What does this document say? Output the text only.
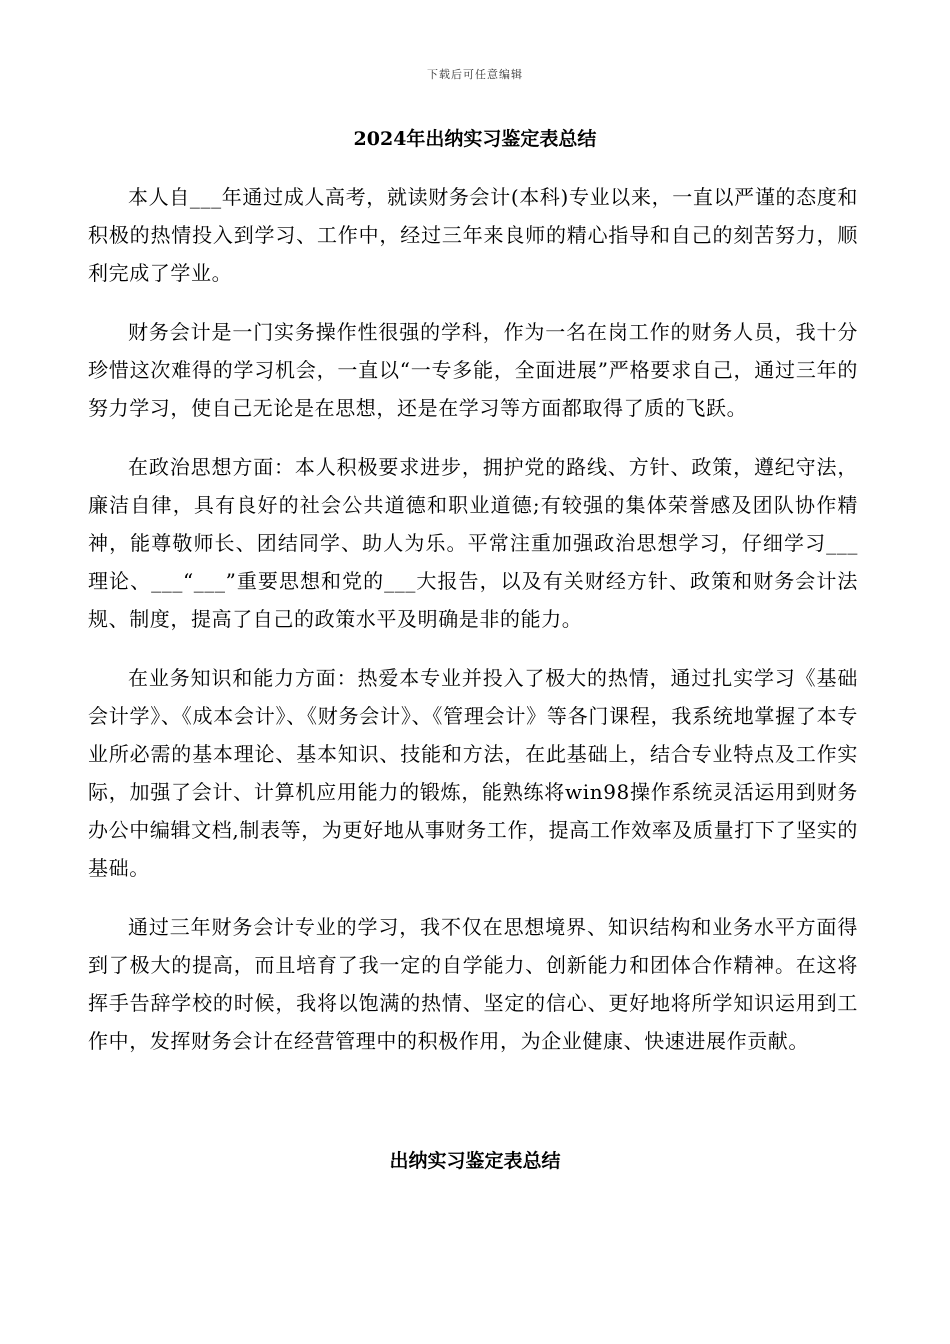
下载后可任意编辑
2024年出纳实习鉴定表总结

本人自___年通过成人高考，就读财务会计(本科)专业以来，一直以严谨的态度和积极的热情投入到学习、工作中，经过三年来良师的精心指导和自己的刻苦努力，顺利完成了学业。

财务会计是一门实务操作性很强的学科，作为一名在岗工作的财务人员，我十分珍惜这次难得的学习机会，一直以“一专多能，全面进展”严格要求自己，通过三年的努力学习，使自己无论是在思想，还是在学习等方面都取得了质的飞跃。

在政治思想方面：本人积极要求进步，拥护党的路线、方针、政策，遵纪守法，廉洁自律，具有良好的社会公共道德和职业道德;有较强的集体荣誉感及团队协作精神，能尊敬师长、团结同学、助人为乐。平常注重加强政治思想学习，仔细学习___理论、___“___”重要思想和党的___大报告，以及有关财经方针、政策和财务会计法规、制度，提高了自己的政策水平及明确是非的能力。

在业务知识和能力方面：热爱本专业并投入了极大的热情，通过扎实学习《基础会计学》、《成本会计》、《财务会计》、《管理会计》等各门课程，我系统地掌握了本专业所必需的基本理论、基本知识、技能和方法，在此基础上，结合专业特点及工作实际，加强了会计、计算机应用能力的锻炼，能熟练将win98操作系统灵活运用到财务办公中编辑文档,制表等，为更好地从事财务工作，提高工作效率及质量打下了坚实的基础。

通过三年财务会计专业的学习，我不仅在思想境界、知识结构和业务水平方面得到了极大的提高，而且培育了我一定的自学能力、创新能力和团体合作精神。在这将挥手告辞学校的时候，我将以饱满的热情、坚定的信心、更好地将所学知识运用到工作中，发挥财务会计在经营管理中的积极作用，为企业健康、快速进展作贡献。

出纳实习鉴定表总结
